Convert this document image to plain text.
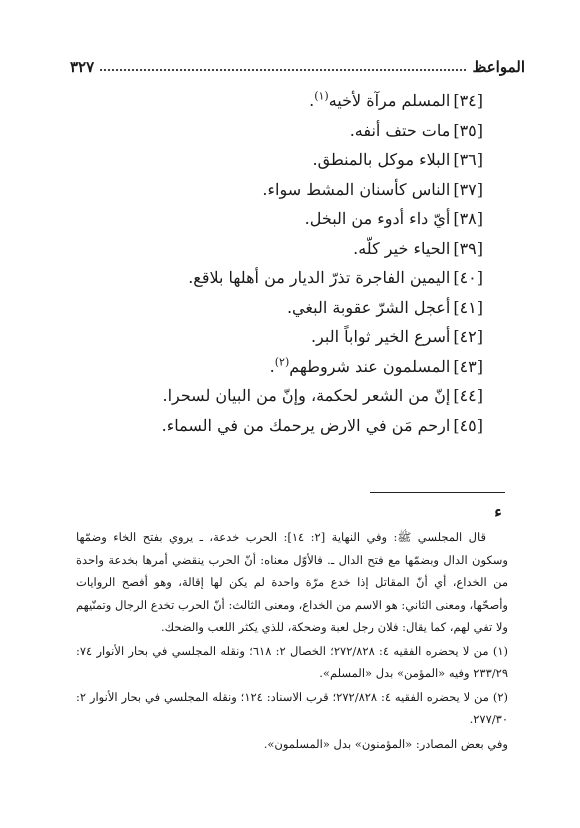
المواعظ
٣٢٧
[٣٤]المسلم مرآة لأخيه$^{(١)}$.
[٣٥]مات حتف أنفه.
[٣٦]البلاء موكل بالمنطق.
[٣٧]الناس كأسنان المشط سواء.
[٣٨]أيّ داء أدوء من البخل.
[٣٩]الحياء خير كلّه.
[٤٠]اليمين الفاجرة تذرّ الديار من أهلها بلاقع.
[٤١]أعجل الشرّ عقوبة البغي.
[٤٢]أسرع الخير ثواباً البر.
[٤٣]المسلمون عند شروطهم$^{(٢)}$.
[٤٤]إنّ من الشعر لحكمة، وإنّ من البيان لسحرا.
[٤٥]ارحم مَن في الارض يرحمك من في السماء.
ء

قال المجلسي ﷺ: وفي النهاية [٢: ١٤]: الحرب خدعة، ـ يروي بفتح الخاء وضمّها وسكون الدال وبضمّها مع فتح الدال ـ. فالأوّل معناه: أنّ الحرب ينقضي أمرها بخدعة واحدة من الخداع، أي أنّ المقاتل إذا خدع مرّة واحدة لم يكن لها إقالة، وهو أفصح الروايات وأصحّها، ومعنى الثاني: هو الاسم من الخداع، ومعنى الثالث: أنّ الحرب تخدع الرجال وتمنّيهم ولا تفي لهم، كما يقال: فلان رجل لعبة وضحكة، للذي يكثر اللعب والضحك.

(١) من لا يحضره الفقيه ٤: ٢٧٢/٨٢٨؛ الخصال ٢: ٦١٨؛ ونقله المجلسي في بحار الأنوار ٧٤: ٢٣٣/٢٩ وفيه «المؤمن» بدل «المسلم».

(٢) من لا يحضره الفقيه ٤: ٢٧٢/٨٢٨؛ قرب الاسناد: ١٢٤؛ ونقله المجلسي في بحار الأنوار ٢: ٢٧٧/٣٠.

وفي بعض المصادر: «المؤمنون» بدل «المسلمون».
